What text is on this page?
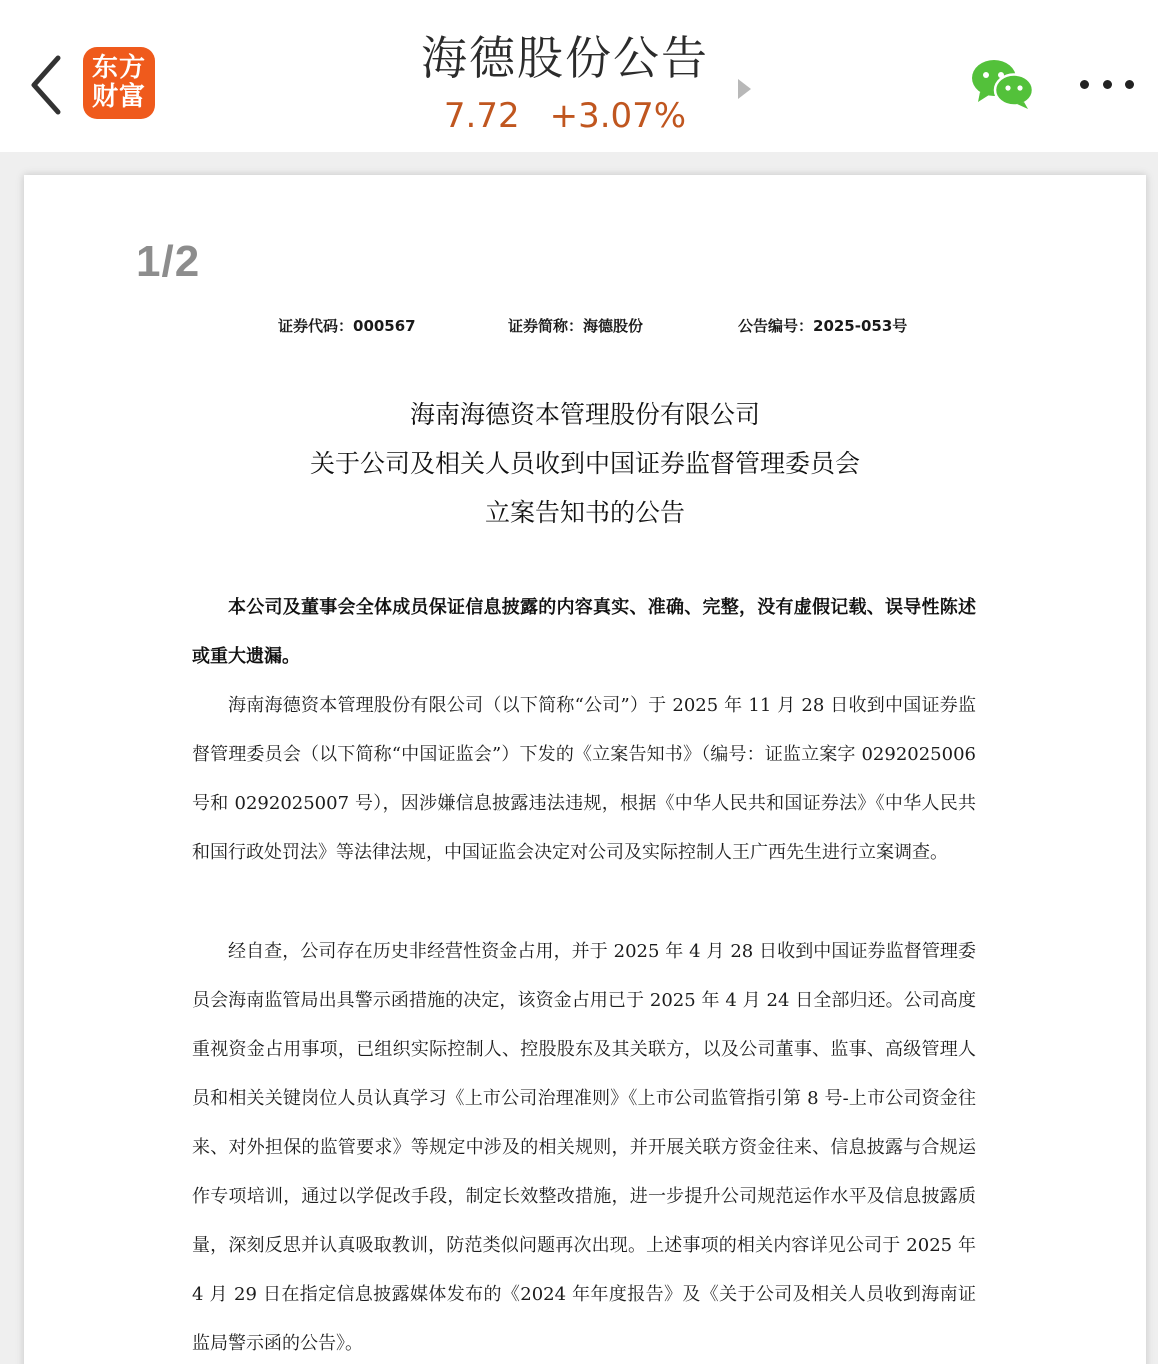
东方
财富
海德股份公告
7.72 +3.07%
1/2
证券代码：000567	证券简称：海德股份	公告编号：2025-053号
海南海德资本管理股份有限公司
关于公司及相关人员收到中国证券监督管理委员会
立案告知书的公告

本公司及董事会全体成员保证信息披露的内容真实、准确、完整，没有虚假记载、误导性陈述或重大遗漏。

海南海德资本管理股份有限公司（以下简称“公司”）于 2025 年 11 月 28 日收到中国证券监督管理委员会（以下简称“中国证监会”）下发的《立案告知书》（编号：证监立案字 0292025006 号和 0292025007 号），因涉嫌信息披露违法违规，根据《中华人民共和国证券法》《中华人民共和国行政处罚法》等法律法规，中国证监会决定对公司及实际控制人王广西先生进行立案调查。

经自查，公司存在历史非经营性资金占用，并于 2025 年 4 月 28 日收到中国证券监督管理委员会海南监管局出具警示函措施的决定，该资金占用已于 2025 年 4 月 24 日全部归还。公司高度重视资金占用事项，已组织实际控制人、控股股东及其关联方，以及公司董事、监事、高级管理人员和相关关键岗位人员认真学习《上市公司治理准则》《上市公司监管指引第 8 号-上市公司资金往来、对外担保的监管要求》等规定中涉及的相关规则，并开展关联方资金往来、信息披露与合规运作专项培训，通过以学促改手段，制定长效整改措施，进一步提升公司规范运作水平及信息披露质量，深刻反思并认真吸取教训，防范类似问题再次出现。上述事项的相关内容详见公司于 2025 年 4 月 29 日在指定信息披露媒体发布的《2024 年年度报告》及《关于公司及相关人员收到海南证监局警示函的公告》。
